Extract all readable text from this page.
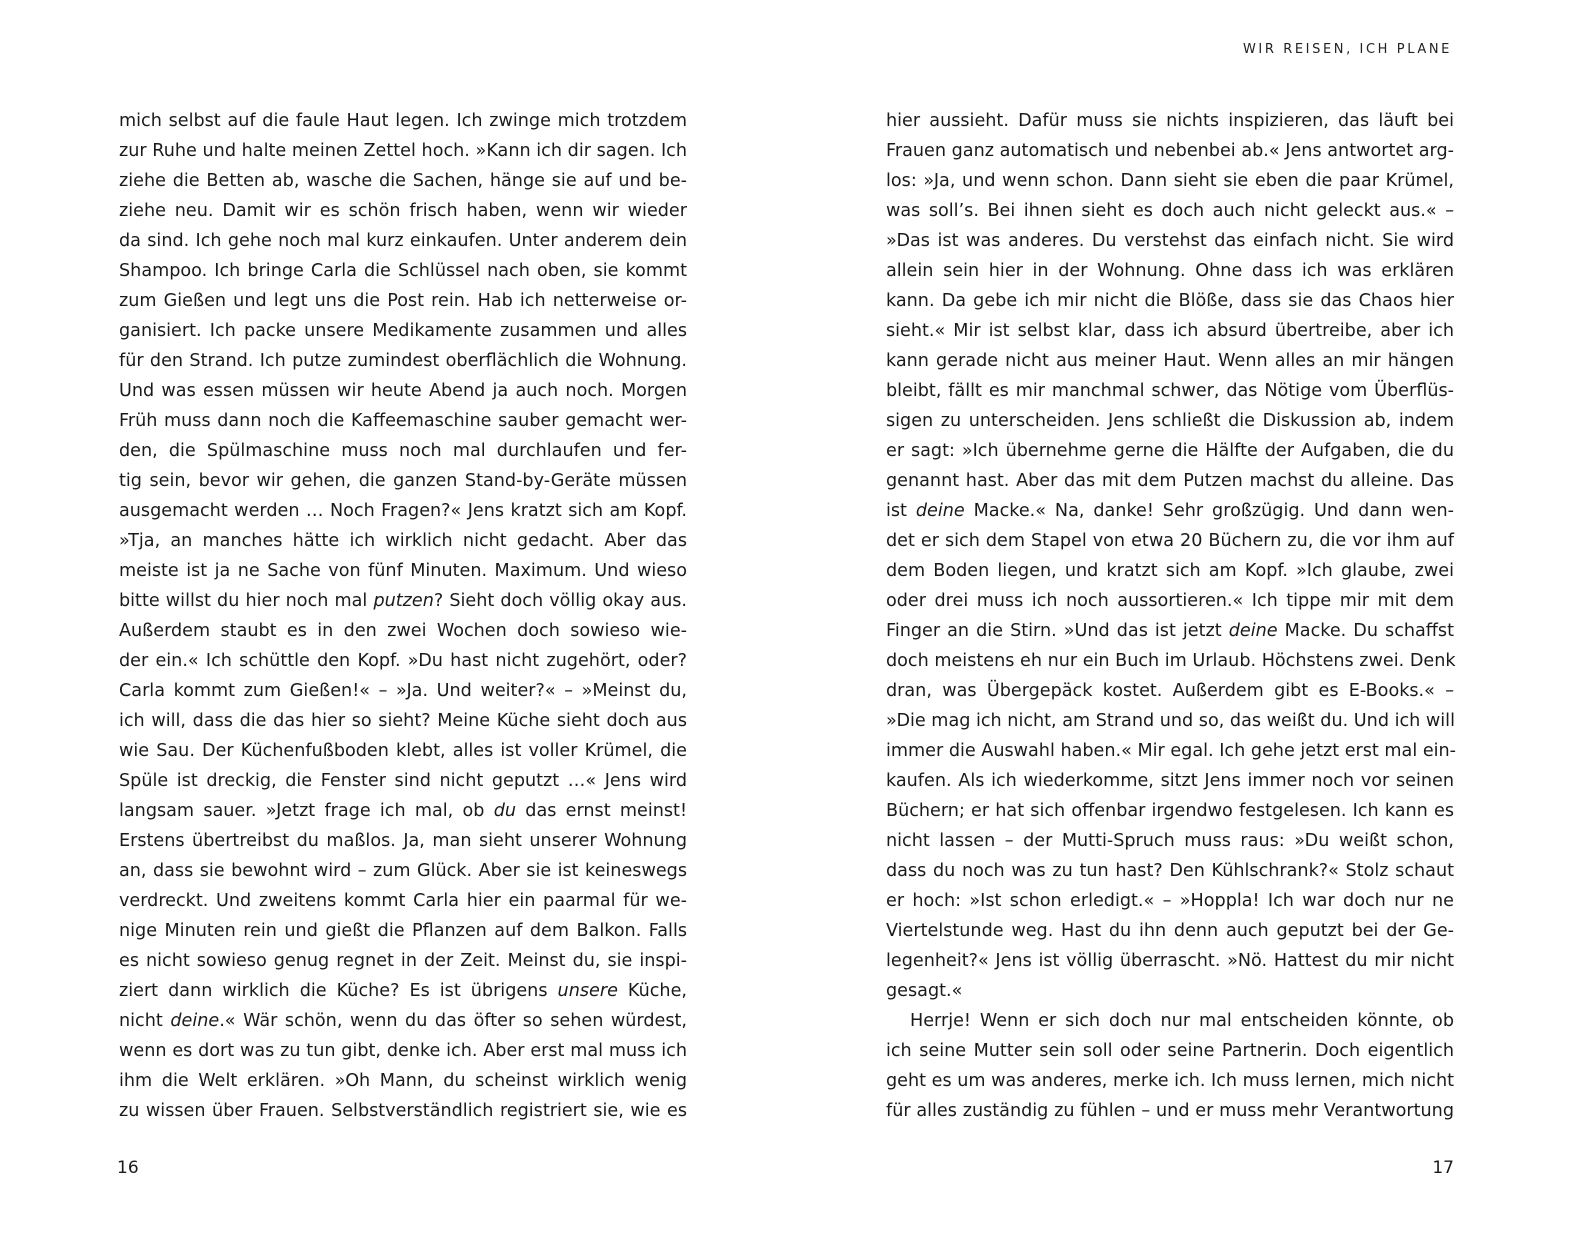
mich selbst auf die faule Haut legen. Ich zwinge mich trotzdem
zur Ruhe und halte meinen Zettel hoch. »Kann ich dir sagen. Ich
ziehe die Betten ab, wasche die Sachen, hänge sie auf und be-
ziehe neu. Damit wir es schön frisch haben, wenn wir wieder
da sind. Ich gehe noch mal kurz einkaufen. Unter anderem dein
Shampoo. Ich bringe Carla die Schlüssel nach oben, sie kommt
zum Gießen und legt uns die Post rein. Hab ich netterweise or-
ganisiert. Ich packe unsere Medikamente zusammen und alles
für den Strand. Ich putze zumindest oberflächlich die Wohnung.
Und was essen müssen wir heute Abend ja auch noch. Morgen
Früh muss dann noch die Kaffeemaschine sauber gemacht wer-
den, die Spülmaschine muss noch mal durchlaufen und fer-
tig sein, bevor wir gehen, die ganzen Stand-by-Geräte müssen
ausgemacht werden … Noch Fragen?« Jens kratzt sich am Kopf.
»Tja, an manches hätte ich wirklich nicht gedacht. Aber das
meiste ist ja ne Sache von fünf Minuten. Maximum. Und wieso
bitte willst du hier noch mal putzen? Sieht doch völlig okay aus.
Außerdem staubt es in den zwei Wochen doch sowieso wie-
der ein.« Ich schüttle den Kopf. »Du hast nicht zugehört, oder?
Carla kommt zum Gießen!« – »Ja. Und weiter?« – »Meinst du,
ich will, dass die das hier so sieht? Meine Küche sieht doch aus
wie Sau. Der Küchenfußboden klebt, alles ist voller Krümel, die
Spüle ist dreckig, die Fenster sind nicht geputzt …« Jens wird
langsam sauer. »Jetzt frage ich mal, ob du das ernst meinst!
Erstens übertreibst du maßlos. Ja, man sieht unserer Wohnung
an, dass sie bewohnt wird – zum Glück. Aber sie ist keineswegs
verdreckt. Und zweitens kommt Carla hier ein paarmal für we-
nige Minuten rein und gießt die Pflanzen auf dem Balkon. Falls
es nicht sowieso genug regnet in der Zeit. Meinst du, sie inspi-
ziert dann wirklich die Küche? Es ist übrigens unsere Küche,
nicht deine.« Wär schön, wenn du das öfter so sehen würdest,
wenn es dort was zu tun gibt, denke ich. Aber erst mal muss ich
ihm die Welt erklären. »Oh Mann, du scheinst wirklich wenig
zu wissen über Frauen. Selbstverständlich registriert sie, wie es
16
WIR REISEN, ICH PLANE
hier aussieht. Dafür muss sie nichts inspizieren, das läuft bei
Frauen ganz automatisch und nebenbei ab.« Jens antwortet arg-
los: »Ja, und wenn schon. Dann sieht sie eben die paar Krümel,
was soll’s. Bei ihnen sieht es doch auch nicht geleckt aus.« –
»Das ist was anderes. Du verstehst das einfach nicht. Sie wird
allein sein hier in der Wohnung. Ohne dass ich was erklären
kann. Da gebe ich mir nicht die Blöße, dass sie das Chaos hier
sieht.« Mir ist selbst klar, dass ich absurd übertreibe, aber ich
kann gerade nicht aus meiner Haut. Wenn alles an mir hängen
bleibt, fällt es mir manchmal schwer, das Nötige vom Überflüs-
sigen zu unterscheiden. Jens schließt die Diskussion ab, indem
er sagt: »Ich übernehme gerne die Hälfte der Aufgaben, die du
genannt hast. Aber das mit dem Putzen machst du alleine. Das
ist deine Macke.« Na, danke! Sehr großzügig. Und dann wen-
det er sich dem Stapel von etwa 20 Büchern zu, die vor ihm auf
dem Boden liegen, und kratzt sich am Kopf. »Ich glaube, zwei
oder drei muss ich noch aussortieren.« Ich tippe mir mit dem
Finger an die Stirn. »Und das ist jetzt deine Macke. Du schaffst
doch meistens eh nur ein Buch im Urlaub. Höchstens zwei. Denk
dran, was Übergepäck kostet. Außerdem gibt es E-Books.« –
»Die mag ich nicht, am Strand und so, das weißt du. Und ich will
immer die Auswahl haben.« Mir egal. Ich gehe jetzt erst mal ein-
kaufen. Als ich wiederkomme, sitzt Jens immer noch vor seinen
Büchern; er hat sich offenbar irgendwo festgelesen. Ich kann es
nicht lassen – der Mutti-Spruch muss raus: »Du weißt schon,
dass du noch was zu tun hast? Den Kühlschrank?« Stolz schaut
er hoch: »Ist schon erledigt.« – »Hoppla! Ich war doch nur ne
Viertelstunde weg. Hast du ihn denn auch geputzt bei der Ge-
legenheit?« Jens ist völlig überrascht. »Nö. Hattest du mir nicht
gesagt.«
Herrje! Wenn er sich doch nur mal entscheiden könnte, ob
ich seine Mutter sein soll oder seine Partnerin. Doch eigentlich
geht es um was anderes, merke ich. Ich muss lernen, mich nicht
für alles zuständig zu fühlen – und er muss mehr Verantwortung
17
